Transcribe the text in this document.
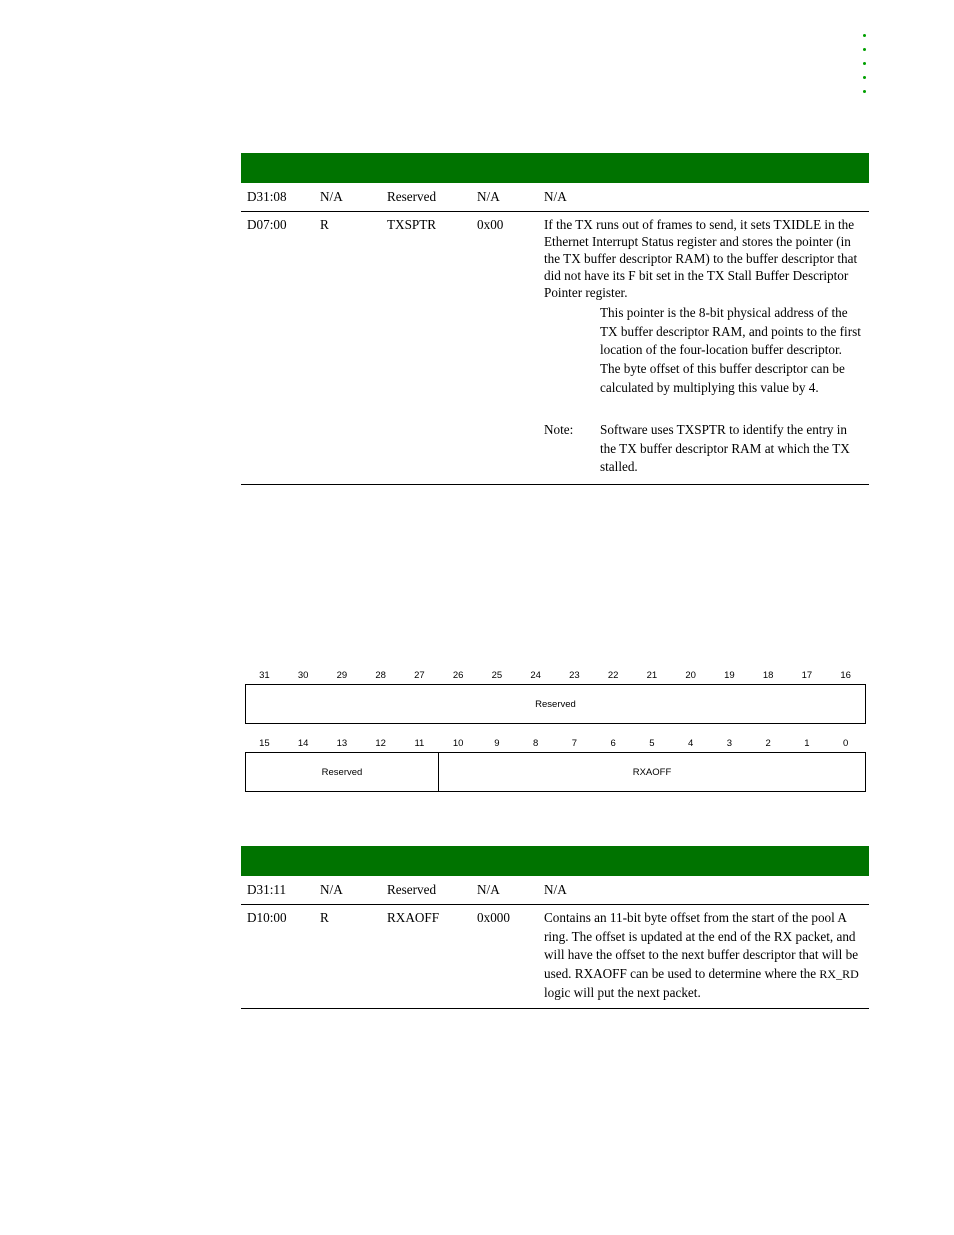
D31:08	N/A	Reserved	N/A	N/A
D07:00	R	TXSPTR	0x00	If the TX runs out of frames to send, it sets TXIDLE in the Ethernet Interrupt Status register and stores the pointer (in the TX buffer descriptor RAM) to the buffer descriptor that did not have its F bit set in the TX Stall Buffer Descriptor Pointer register.
This pointer is the 8-bit physical address of the TX buffer descriptor RAM, and points to the first location of the four-location buffer descriptor. The byte offset of this buffer descriptor can be calculated by multiplying this value by 4.
Note:	Software uses TXSPTR to identify the entry in the TX buffer descriptor RAM at which the TX stalled.
31	30	29	28	27	26	25	24	23	22	21	20	19	18	17	16
Reserved
15	14	13	12	11	10	9	8	7	6	5	4	3	2	1	0
Reserved	RXAOFF
D31:11	N/A	Reserved	N/A	N/A
D10:00	R	RXAOFF	0x000	Contains an 11-bit byte offset from the start of the pool A ring. The offset is updated at the end of the RX packet, and will have the offset to the next buffer descriptor that will be used. RXAOFF can be used to determine where the RX_RD logic will put the next packet.
